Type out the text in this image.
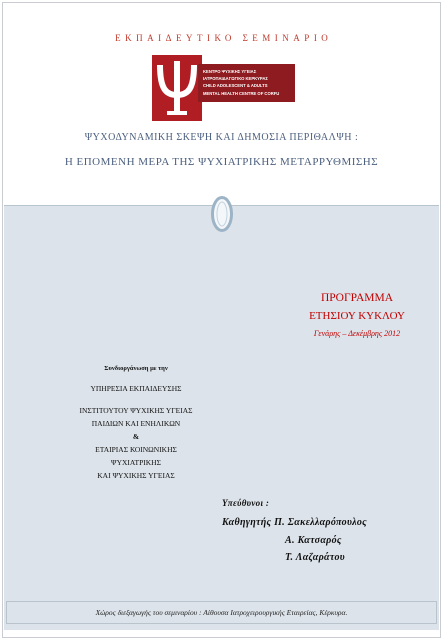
ΕΚΠΑΙΔΕΥΤΙΚΟ ΣΕΜΙΝΑΡΙΟ
ΚΕΝΤΡΟ ΨΥΧΙΚΗΣ ΥΓΕΙΑΣ
ΙΑΤΡΟΠΑΙΔΑΓΩΓΙΚΟ ΚΕΡΚΥΡΑΣ
CHILD ADOLESCENT & ADULTS
MENTAL HEALTH CENTRE OF CORFU
ΨΥΧΟΔΥΝΑΜΙΚΗ ΣΚΕΨΗ ΚΑΙ ΔΗΜΟΣΙΑ ΠΕΡΙΘΑΛΨΗ :
Η ΕΠΟΜΕΝΗ ΜΕΡΑ ΤΗΣ ΨΥΧΙΑΤΡΙΚΗΣ ΜΕΤΑΡΡΥΘΜΙΣΗΣ
ΠΡΟΓΡΑΜΜΑ
ΕΤΗΣΙΟΥ ΚΥΚΛΟΥ
Γενάρης – Δεκέμβρης 2012
Συνδιοργάνωση με την
ΥΠΗΡΕΣΙΑ ΕΚΠΑΙΔΕΥΣΗΣ
ΙΝΣΤΙΤΟΥΤΟΥ ΨΥΧΙΚΗΣ ΥΓΕΙΑΣ
ΠΑΙΔΙΩΝ ΚΑΙ ΕΝΗΛΙΚΩΝ
&
ΕΤΑΙΡΙΑΣ ΚΟΙΝΩΝΙΚΗΣ
ΨΥΧΙΑΤΡΙΚΗΣ
ΚΑΙ ΨΥΧΙΚΗΣ ΥΓΕΙΑΣ
Υπεύθυνοι :
Καθηγητής Π. Σακελλαρόπουλος
Α. Κατσαρός
Τ. Λαζαράτου
Χώρος διεξαγωγής του σεμιναρίου : Αίθουσα Ιατροχειρουργικής Εταιρείας, Κέρκυρα.
